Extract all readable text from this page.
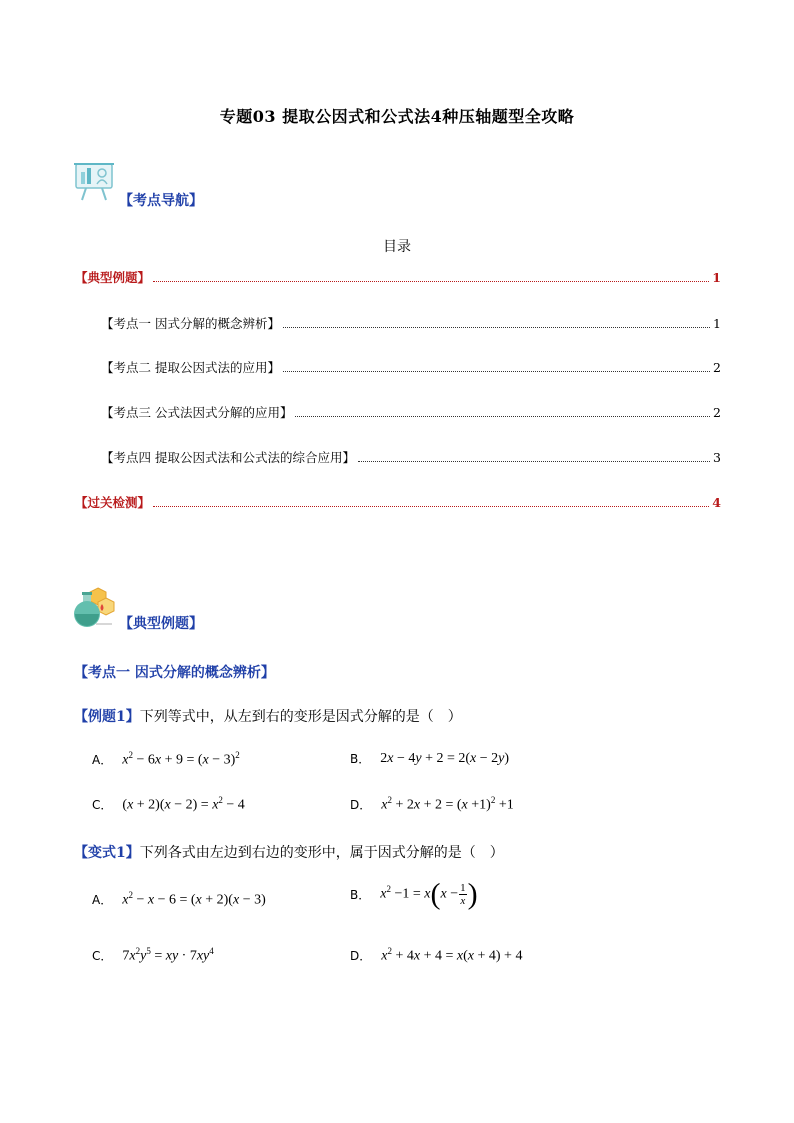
专题03 提取公因式和公式法4种压轴题型全攻略
【考点导航】
目录
【典型例题】	1
【考点一 因式分解的概念辨析】	1
【考点二 提取公因式法的应用】	2
【考点三 公式法因式分解的应用】	2
【考点四 提取公因式法和公式法的综合应用】	3
【过关检测】	4
【典型例题】
【考点一 因式分解的概念辨析】
【例题1】下列等式中，从左到右的变形是因式分解的是（　）
A． $x^2 - 6x + 9 = (x - 3)^2$	B． 2x − 4y + 2 = 2(x − 2y)
C． $(x + 2)(x - 2) = x^2 - 4$	D． $x^2 + 2x + 2 = (x +1)^2 +1$
【变式1】下列各式由左边到右边的变形中，属于因式分解的是（　）
A． $x^2 - x - 6 = (x + 2)(x - 3)$	B． $x^2 -1 = x(x - \frac{1}{x}$ )
C． $7x^2y^5$ = xy · $7xy^4$	D． $x^2 + 4x + 4 = x(x + 4) + 4$
